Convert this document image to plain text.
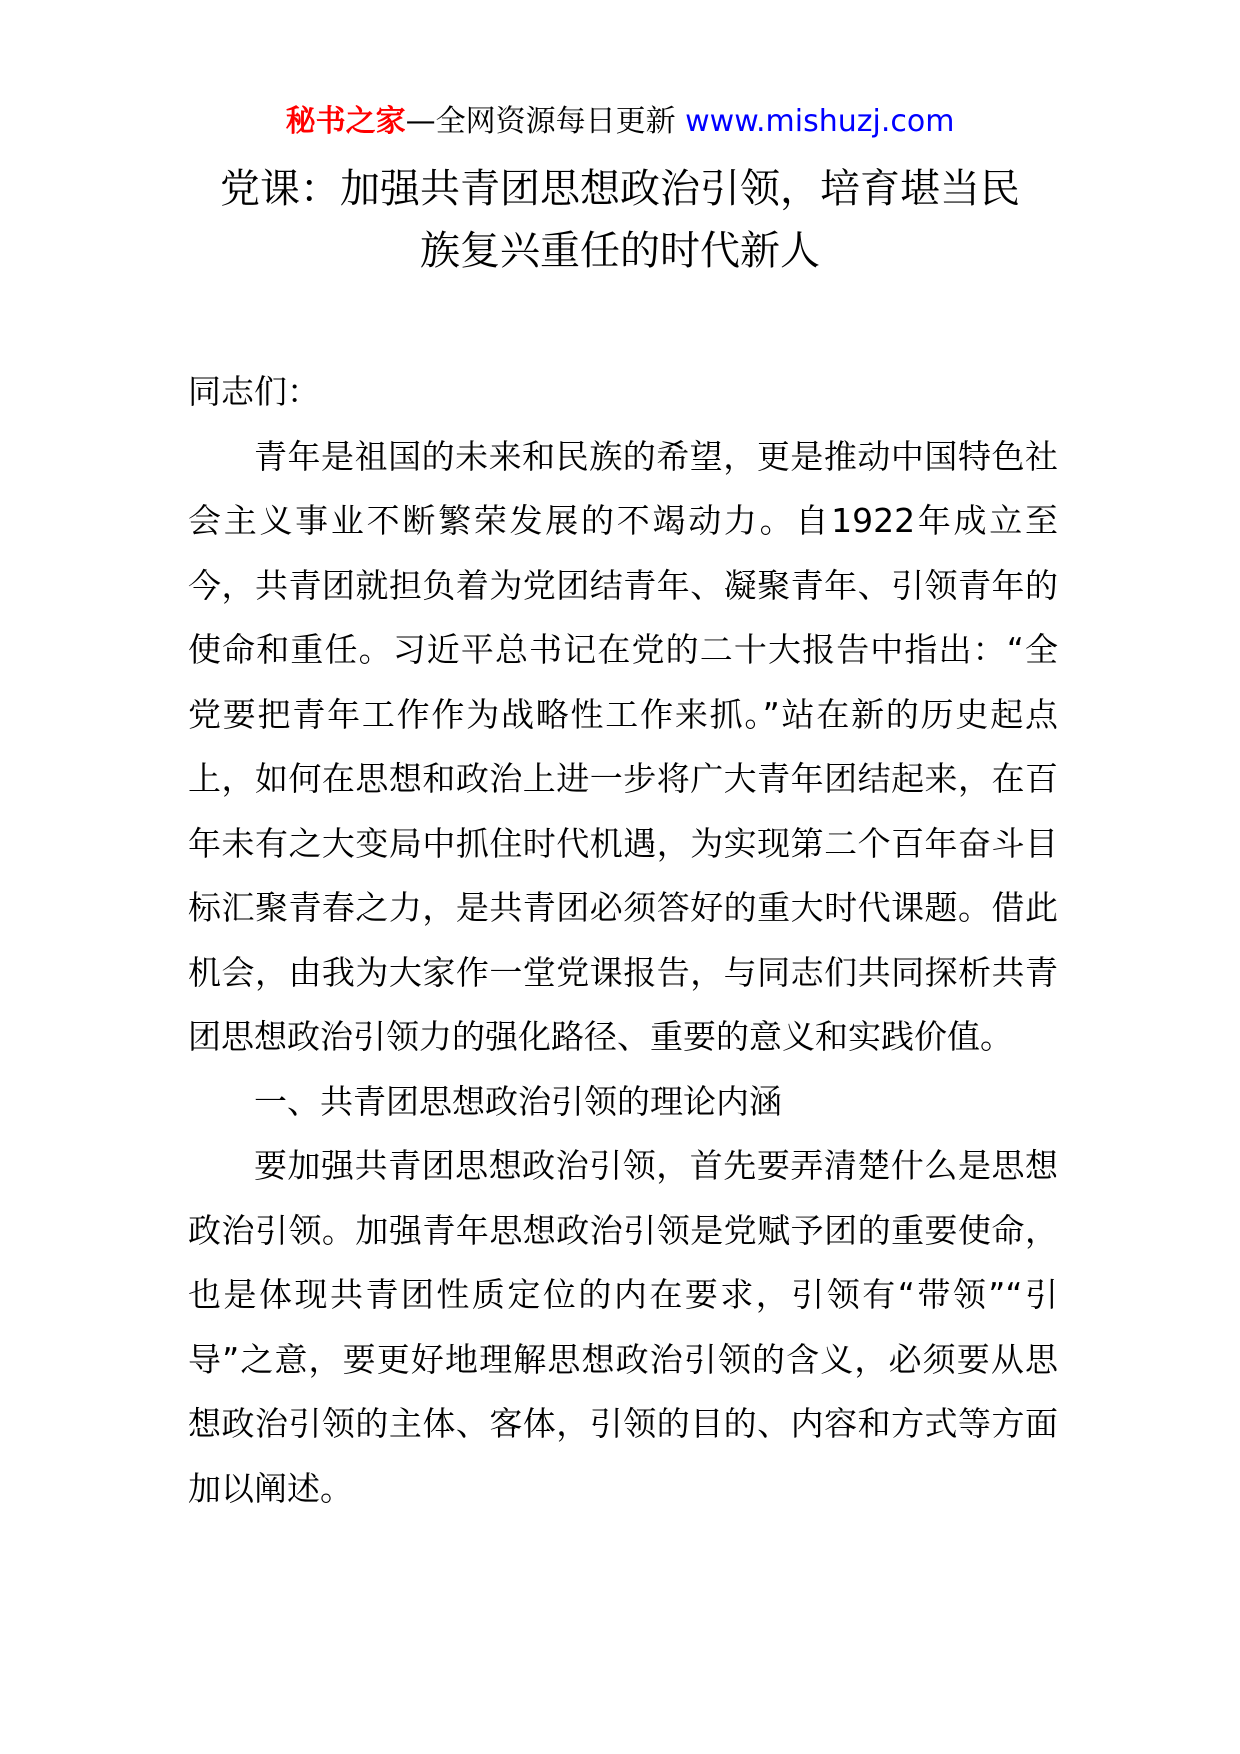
秘书之家—全网资源每日更新 www.mishuzj.com
党课：加强共青团思想政治引领，培育堪当民
族复兴重任的时代新人

同志们：

青年是祖国的未来和民族的希望，更是推动中国特色社会主义事业不断繁荣发展的不竭动力。自1922年成立至今，共青团就担负着为党团结青年、凝聚青年、引领青年的使命和重任。习近平总书记在党的二十大报告中指出：“全党要把青年工作作为战略性工作来抓。”站在新的历史起点上，如何在思想和政治上进一步将广大青年团结起来，在百年未有之大变局中抓住时代机遇，为实现第二个百年奋斗目标汇聚青春之力，是共青团必须答好的重大时代课题。借此机会，由我为大家作一堂党课报告，与同志们共同探析共青团思想政治引领力的强化路径、重要的意义和实践价值。

一、共青团思想政治引领的理论内涵

要加强共青团思想政治引领，首先要弄清楚什么是思想政治引领。加强青年思想政治引领是党赋予团的重要使命，也是体现共青团性质定位的内在要求，引领有“带领”“引导”之意，要更好地理解思想政治引领的含义，必须要从思想政治引领的主体、客体，引领的目的、内容和方式等方面加以阐述。
